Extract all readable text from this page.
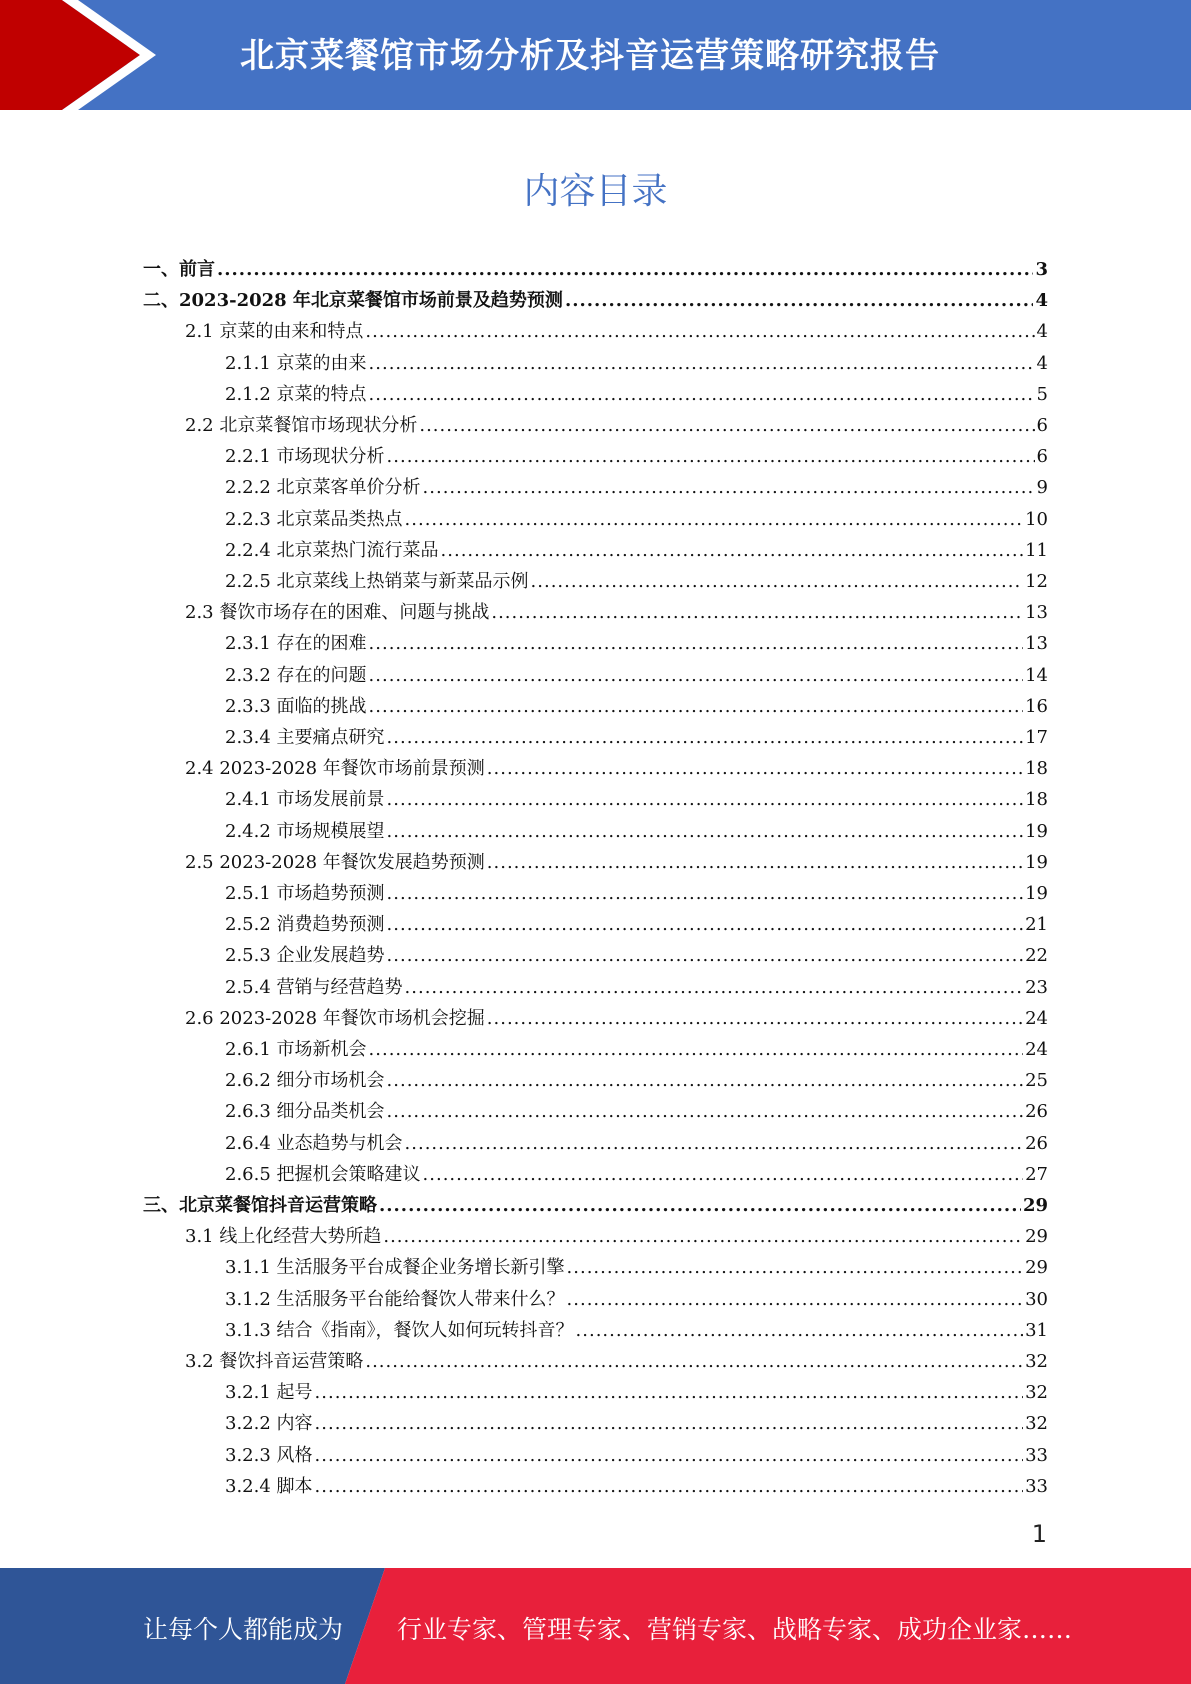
北京菜餐馆市场分析及抖音运营策略研究报告
内容目录
一、前言 .....	3
二、2023-2028 年北京菜餐馆市场前景及趋势预测 .....	4
2.1 京菜的由来和特点 .....	4
2.1.1 京菜的由来 .....	4
2.1.2 京菜的特点 .....	5
2.2 北京菜餐馆市场现状分析 .....	6
2.2.1 市场现状分析 .....	6
2.2.2 北京菜客单价分析 .....	9
2.2.3 北京菜品类热点 .....	10
2.2.4 北京菜热门流行菜品 .....	11
2.2.5 北京菜线上热销菜与新菜品示例 .....	12
2.3 餐饮市场存在的困难、问题与挑战 .....	13
2.3.1 存在的困难 .....	13
2.3.2 存在的问题 .....	14
2.3.3 面临的挑战 .....	16
2.3.4 主要痛点研究 .....	17
2.4 2023-2028 年餐饮市场前景预测 .....	18
2.4.1 市场发展前景 .....	18
2.4.2 市场规模展望 .....	19
2.5 2023-2028 年餐饮发展趋势预测 .....	19
2.5.1 市场趋势预测 .....	19
2.5.2 消费趋势预测 .....	21
2.5.3 企业发展趋势 .....	22
2.5.4 营销与经营趋势 .....	23
2.6 2023-2028 年餐饮市场机会挖掘 .....	24
2.6.1 市场新机会 .....	24
2.6.2 细分市场机会 .....	25
2.6.3 细分品类机会 .....	26
2.6.4 业态趋势与机会 .....	26
2.6.5 把握机会策略建议 .....	27
三、北京菜餐馆抖音运营策略 .....	29
3.1 线上化经营大势所趋 .....	29
3.1.1 生活服务平台成餐企业务增长新引擎 .....	29
3.1.2 生活服务平台能给餐饮人带来什么？ .....	30
3.1.3 结合《指南》，餐饮人如何玩转抖音？ .....	31
3.2 餐饮抖音运营策略 .....	32
3.2.1 起号 .....	32
3.2.2 内容 .....	32
3.2.3 风格 .....	33
3.2.4 脚本 .....	33
1
让每个人都能成为 行业专家、管理专家、营销专家、战略专家、成功企业家……
